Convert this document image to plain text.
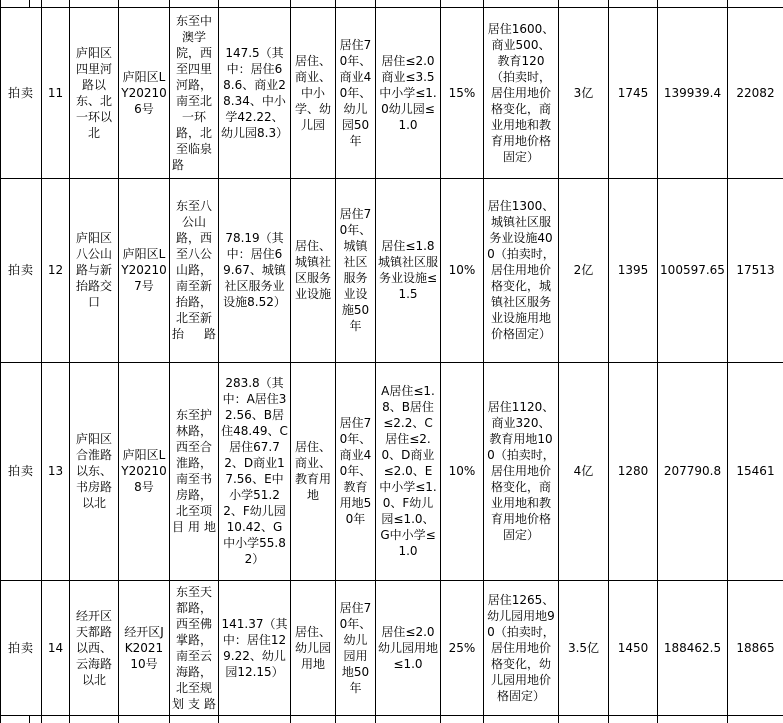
拍卖		11	庐阳区四里河路以东、北一环以北	庐阳区LY202106号	东至中澳学院，西至四里河路，南至北一环路，北至临泉路	147.5（其中：居住68.6、商业28.34、中小学42.22、幼儿园8.3）	居住、商业、中小学、幼儿园	居住70年、商业40年、幼儿园50年	居住≤2.0商业≤3.5中小学≤1.0幼儿园≤1.0	15%	居住1600、商业500、教育120（拍卖时，居住用地价格变化，商业用地和教育用地价格固定）	3亿	1745	139939.4	22082
拍卖		12	庐阳区八公山路与新抬路交口	庐阳区LY202107号	东至八公山路，西至八公山路，南至新抬路，北至新抬路	78.19（其中：居住69.67、城镇社区服务业设施8.52）	居住、城镇社区服务业设施	居住70年、城镇社区服务业设施50年	居住≤1.8城镇社区服务业设施≤1.5	10%	居住1300、城镇社区服务业设施400（拍卖时，居住用地价格变化，城镇社区服务业设施用地价格固定）	2亿	1395	100597.65	17513
拍卖		13	庐阳区合淮路以东、书房路以北	庐阳区LY202108号	东至护林路，西至合淮路，南至书房路，北至项目用地	283.8（其中：A居住32.56、B居住48.49、C居住67.72、D商业17.56、E中小学51.22、F幼儿园10.42、G中小学55.82）	居住、商业、教育用地	居住70年、商业40年、教育用地50年	A居住≤1.8、B居住≤2.2、C居住≤2.0、D商业≤2.0、E中小学≤1.0、F幼儿园≤1.0、G中小学≤1.0	10%	居住1120、商业320、教育用地100（拍卖时，居住用地价格变化，商业用地和教育用地价格固定）	4亿	1280	207790.8	15461
拍卖		14	经开区天都路以西、云海路以北	经开区JK202110号	东至天都路，西至佛掌路，南至云海路，北至规划支路	141.37（其中：居住129.22、幼儿园12.15）	居住、幼儿园用地	居住70年、幼儿园用地50年	居住≤2.0幼儿园用地≤1.0	25%	居住1265、幼儿园用地90（拍卖时，居住用地价格变化，幼儿园用地价格固定）	3.5亿	1450	188462.5	18865
